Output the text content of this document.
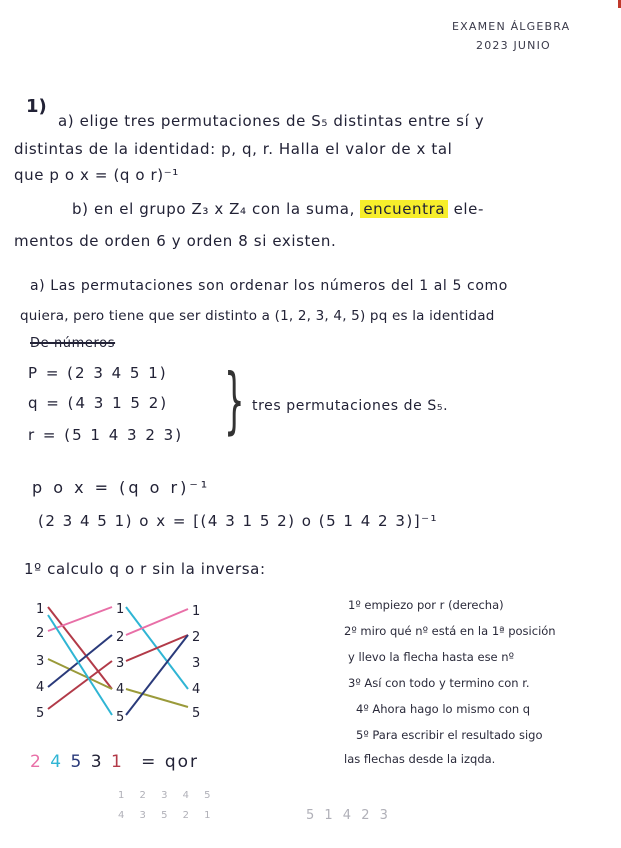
EXAMEN ÁLGEBRA
2023 JUNIO
1)
a) elige tres permutaciones de S₅ distintas entre sí y
distintas de la identidad: p, q, r. Halla el valor de x tal
que p o x = (q o r)⁻¹
b) en el grupo Z₃ x Z₄ con la suma, encuentra ele-
mentos de orden 6 y orden 8 si existen.
a) Las permutaciones son ordenar los números del 1 al 5 como
quiera, pero tiene que ser distinto a (1, 2, 3, 4, 5) pq es la identidad
De números
P = (2 3 4 5 1)
q = (4 3 1 5 2)
r = (5 1 4 3 2 3) } tres permutaciones de S₅.
p o x = (q o r)⁻¹
(2 3 4 5 1) o x = [(4 3 1 5 2) o (5 1 4 2 3)]⁻¹
1º calculo q o r sin la inversa:
1
2
3
4
5
1
2
3
4
5
1
2
3
4
5
1º empiezo por r (derecha)
2º miro qué nº está en la 1ª posición
y llevo la flecha hasta ese nº
3º Así con todo y termino con r.
4º Ahora hago lo mismo con q
5º Para escribir el resultado sigo
las flechas desde la izqda.
2 4 5 3 1 = qor
1 2 3 4 5
4 3 5 2 1	5 1 4 2 3
